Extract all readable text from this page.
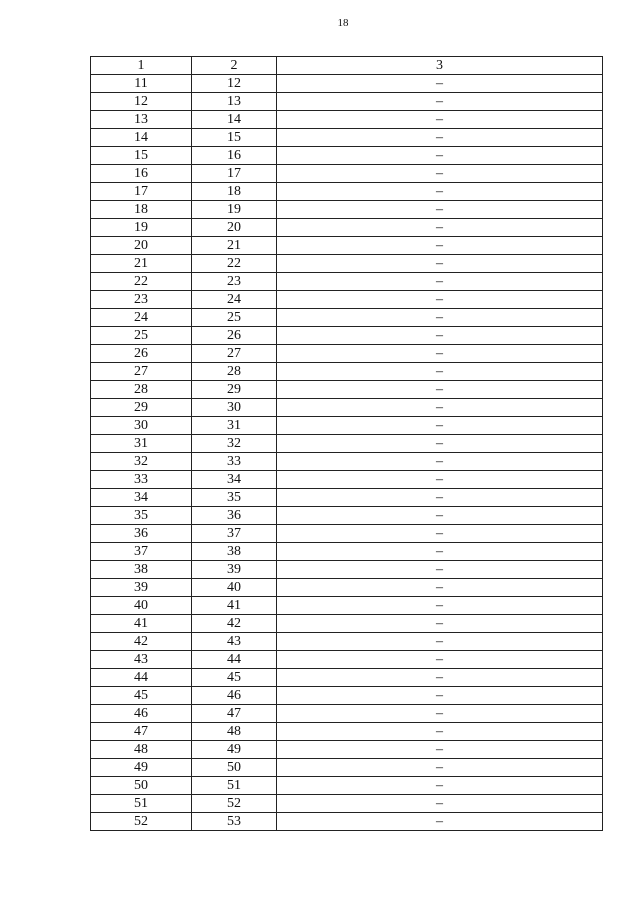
18
1	2	3
11	12	–
12	13	–
13	14	–
14	15	–
15	16	–
16	17	–
17	18	–
18	19	–
19	20	–
20	21	–
21	22	–
22	23	–
23	24	–
24	25	–
25	26	–
26	27	–
27	28	–
28	29	–
29	30	–
30	31	–
31	32	–
32	33	–
33	34	–
34	35	–
35	36	–
36	37	–
37	38	–
38	39	–
39	40	–
40	41	–
41	42	–
42	43	–
43	44	–
44	45	–
45	46	–
46	47	–
47	48	–
48	49	–
49	50	–
50	51	–
51	52	–
52	53	–
